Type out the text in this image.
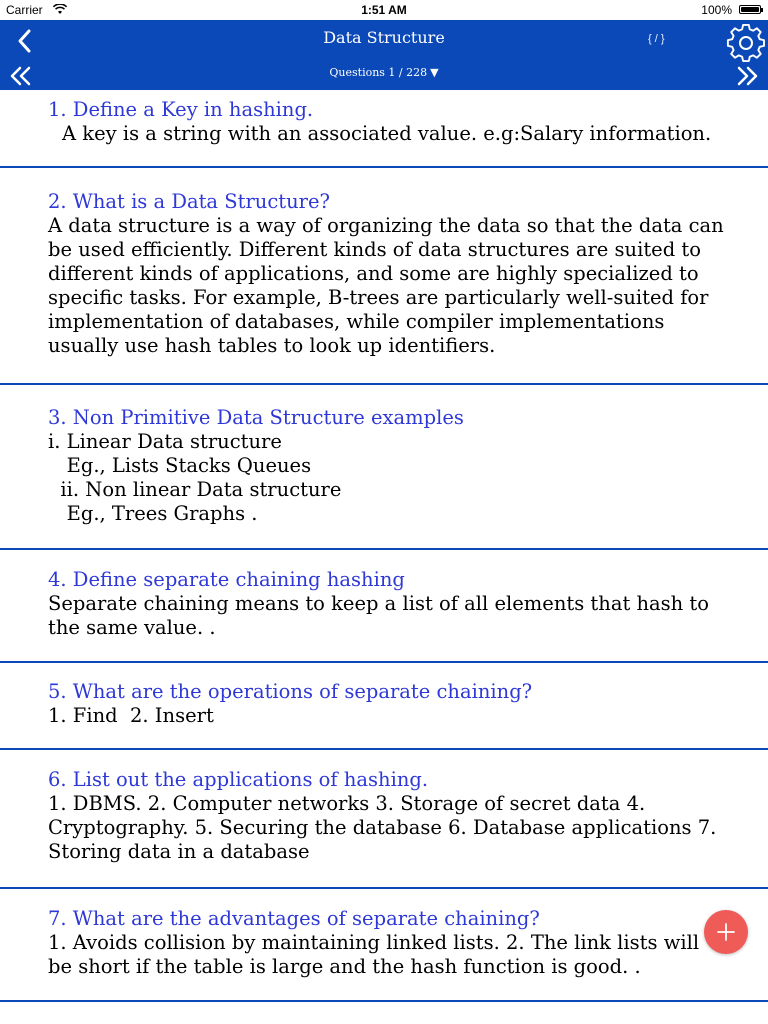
Carrier	1:51 AM	100%
Data Structure	{ / }
Questions 1 / 228 ▼
1. Define a Key in hashing.
A key is a string with an associated value. e.g:Salary information.
2. What is a Data Structure?
A data structure is a way of organizing the data so that the data can be used efficiently. Different kinds of data structures are suited to different kinds of applications, and some are highly specialized to specific tasks. For example, B-trees are particularly well-suited for implementation of databases, while compiler implementations usually use hash tables to look up identifiers.
3. Non Primitive Data Structure examples
i. Linear Data structure
Eg., Lists Stacks Queues
ii. Non linear Data structure
Eg., Trees Graphs .
4. Define separate chaining hashing
Separate chaining means to keep a list of all elements that hash to the same value. .
5. What are the operations of separate chaining?
1. Find  2. Insert
6. List out the applications of hashing.
1. DBMS. 2. Computer networks 3. Storage of secret data 4. Cryptography. 5. Securing the database 6. Database applications 7. Storing data in a database
7. What are the advantages of separate chaining?
1. Avoids collision by maintaining linked lists. 2. The link lists will be short if the table is large and the hash function is good. .
